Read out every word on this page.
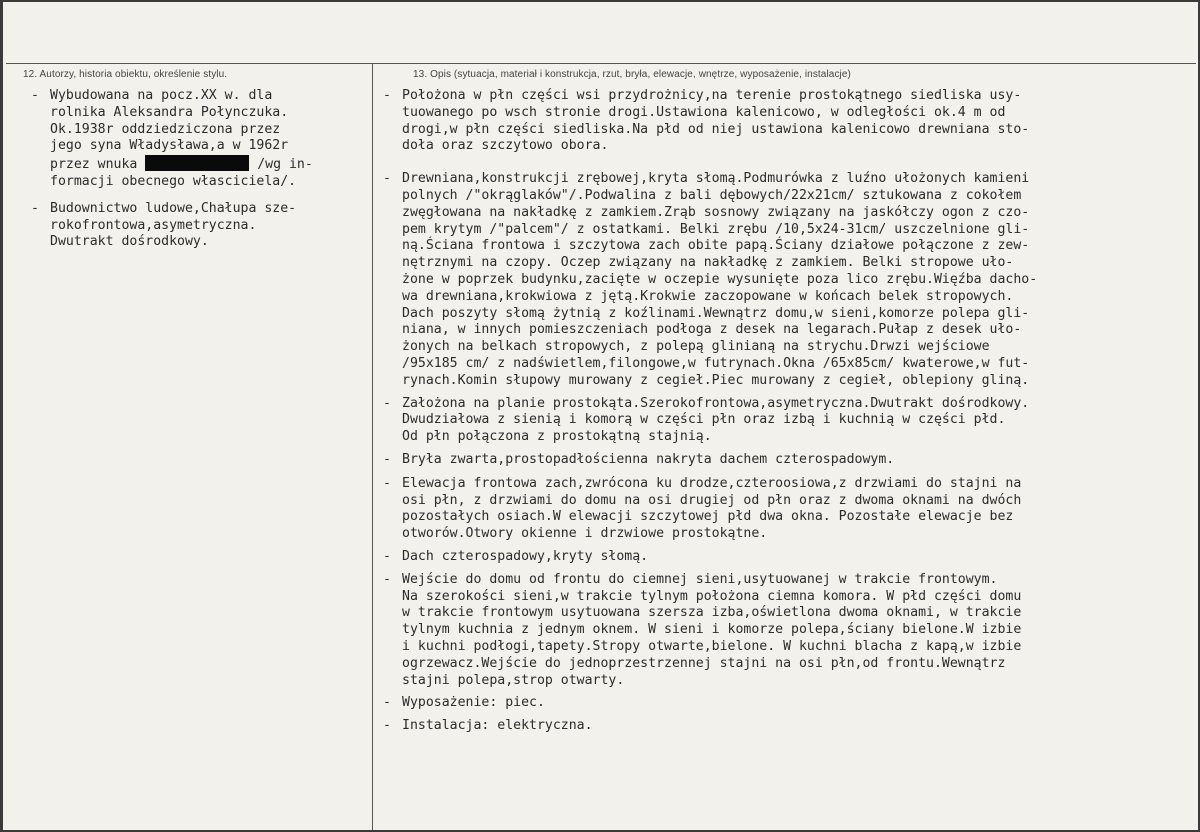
12. Autorzy, historia obiektu, określenie stylu.	13. Opis (sytuacja, materiał i konstrukcja, rzut, bryła, elewacje, wnętrze, wyposażenie, instalacje)
- Wybudowana na pocz.XX w. dla
rolnika Aleksandra Połynczuka.
Ok.1938r oddziedziczona przez
jego syna Władysława,a w 1962r
przez wnuka	/wg in-
formacji obecnego własciciela/.
- Budownictwo ludowe,Chałupa sze-
rokofrontowa,asymetryczna.
Dwutrakt dośrodkowy.
- Położona w płn części wsi przydrożnicy,na terenie prostokątnego siedliska usy-
tuowanego po wsch stronie drogi.Ustawiona kalenicowo, w odległości ok.4 m od
drogi,w płn części siedliska.Na płd od niej ustawiona kalenicowo drewniana sto-
doła oraz szczytowo obora.
- Drewniana,konstrukcji zrębowej,kryta słomą.Podmurówka z luźno ułożonych kamieni
polnych /"okrąglaków"/.Podwalina z bali dębowych/22x21cm/ sztukowana z cokołem
zwęgłowana na nakładkę z zamkiem.Zrąb sosnowy związany na jaskółczy ogon z czo-
pem krytym /"palcem"/ z ostatkami. Belki zrębu /10,5x24-31cm/ uszczelnione gli-
ną.Ściana frontowa i szczytowa zach obite papą.Ściany działowe połączone z zew-
nętrznymi na czopy. Oczep związany na nakładkę z zamkiem. Belki stropowe uło-
żone w poprzek budynku,zacięte w oczepie wysunięte poza lico zrębu.Więźba dacho-
wa drewniana,krokwiowa z jętą.Krokwie zaczopowane w końcach belek stropowych.
Dach poszyty słomą żytnią z koźlinami.Wewnątrz domu,w sieni,komorze polepa gli-
niana, w innych pomieszczeniach podłoga z desek na legarach.Pułap z desek uło-
żonych na belkach stropowych, z polepą glinianą na strychu.Drwzi wejściowe
/95x185 cm/ z nadświetlem,filongowe,w futrynach.Okna /65x85cm/ kwaterowe,w fut-
rynach.Komin słupowy murowany z cegieł.Piec murowany z cegieł, oblepiony gliną.
- Założona na planie prostokąta.Szerokofrontowa,asymetryczna.Dwutrakt dośrodkowy.
Dwudziałowa z sienią i komorą w części płn oraz izbą i kuchnią w części płd.
Od płn połączona z prostokątną stajnią.
- Bryła zwarta,prostopadłościenna nakryta dachem czterospadowym.
- Elewacja frontowa zach,zwrócona ku drodze,czteroosiowa,z drzwiami do stajni na
osi płn, z drzwiami do domu na osi drugiej od płn oraz z dwoma oknami na dwóch
pozostałych osiach.W elewacji szczytowej płd dwa okna. Pozostałe elewacje bez
otworów.Otwory okienne i drzwiowe prostokątne.
- Dach czterospadowy,kryty słomą.
- Wejście do domu od frontu do ciemnej sieni,usytuowanej w trakcie frontowym.
Na szerokości sieni,w trakcie tylnym położona ciemna komora. W płd części domu
w trakcie frontowym usytuowana szersza izba,oświetlona dwoma oknami, w trakcie
tylnym kuchnia z jednym oknem. W sieni i komorze polepa,ściany bielone.W izbie
i kuchni podłogi,tapety.Stropy otwarte,bielone. W kuchni blacha z kapą,w izbie
ogrzewacz.Wejście do jednoprzestrzennej stajni na osi płn,od frontu.Wewnątrz
stajni polepa,strop otwarty.
- Wyposażenie: piec.
- Instalacja: elektryczna.
